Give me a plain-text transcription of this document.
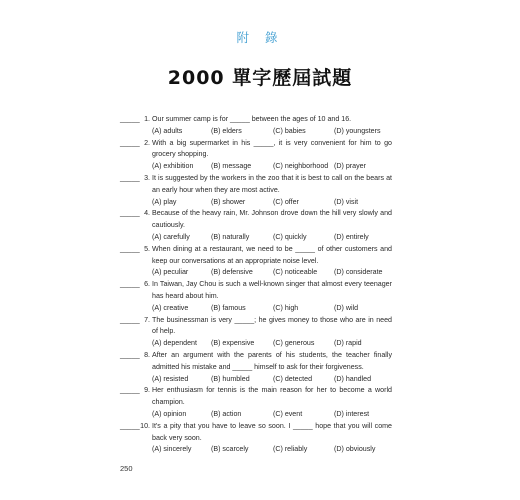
附 錄
2000 單字歷屆試題
_____ 1. Our summer camp is for _____ between the ages of 10 and 16.
(A) adults	(B) elders	(C) babies	(D) youngsters
_____ 2. With a big supermarket in his _____, it is very convenient for him to go grocery shopping.
(A) exhibition	(B) message	(C) neighborhood (D) prayer
_____ 3. It is suggested by the workers in the zoo that it is best to call on the bears at an early hour when they are most active.
(A) play	(B) shower	(C) offer	(D) visit
_____ 4. Because of the heavy rain, Mr. Johnson drove down the hill very slowly and cautiously.
(A) carefully	(B) naturally	(C) quickly	(D) entirely
_____ 5. When dining at a restaurant, we need to be _____ of other customers and keep our conversations at an appropriate noise level.
(A) peculiar	(B) defensive	(C) noticeable	(D) considerate
_____ 6. In Taiwan, Jay Chou is such a well-known singer that almost every teenager has heard about him.
(A) creative	(B) famous	(C) high	(D) wild
_____ 7. The businessman is very _____; he gives money to those who are in need of help.
(A) dependent	(B) expensive	(C) generous	(D) rapid
_____ 8. After an argument with the parents of his students, the teacher finally admitted his mistake and _____ himself to ask for their forgiveness.
(A) resisted	(B) humbled	(C) detected	(D) handled
_____ 9. Her enthusiasm for tennis is the main reason for her to become a world champion.
(A) opinion	(B) action	(C) event	(D) interest
_____ 10. It's a pity that you have to leave so soon. I _____ hope that you will come back very soon.
(A) sincerely	(B) scarcely	(C) reliably	(D) obviously
250
